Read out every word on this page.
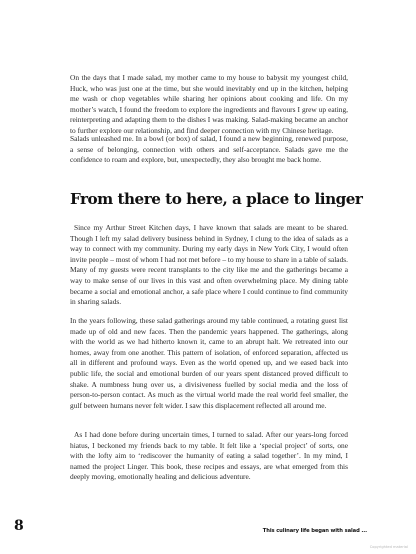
On the days that I made salad, my mother came to my house to babysit my youngest child, Huck, who was just one at the time, but she would inevitably end up in the kitchen, helping me wash or chop vegetables while sharing her opinions about cooking and life. On my mother’s watch, I found the freedom to explore the ingredients and flavours I grew up eating, reinterpreting and adapting them to the dishes I was making. Salad-making became an anchor to further explore our relationship, and find deeper connection with my Chinese heritage.

Salads unleashed me. In a bowl (or box) of salad, I found a new beginning, renewed purpose, a sense of belonging, connection with others and self-acceptance. Salads gave me the confidence to roam and explore, but, unexpectedly, they also brought me back home.

From there to here, a place to linger

Since my Arthur Street Kitchen days, I have known that salads are meant to be shared. Though I left my salad delivery business behind in Sydney, I clung to the idea of salads as a way to connect with my community. During my early days in New York City, I would often invite people – most of whom I had not met before – to my house to share in a table of salads. Many of my guests were recent transplants to the city like me and the gatherings became a way to make sense of our lives in this vast and often overwhelming place. My dining table became a social and emotional anchor, a safe place where I could continue to find community in sharing salads.

In the years following, these salad gatherings around my table continued, a rotating guest list made up of old and new faces. Then the pandemic years happened. The gatherings, along with the world as we had hitherto known it, came to an abrupt halt. We retreated into our homes, away from one another. This pattern of isolation, of enforced separation, affected us all in different and profound ways. Even as the world opened up, and we eased back into public life, the social and emotional burden of our years spent distanced proved difficult to shake. A numbness hung over us, a divisiveness fuelled by social media and the loss of person-to-person contact. As much as the virtual world made the real world feel smaller, the gulf between humans never felt wider. I saw this displacement reflected all around me.

As I had done before during uncertain times, I turned to salad. After our years-long forced hiatus, I beckoned my friends back to my table. It felt like a ‘special project’ of sorts, one with the lofty aim to ‘rediscover the humanity of eating a salad together’. In my mind, I named the project Linger. This book, these recipes and essays, are what emerged from this deeply moving, emotionally healing and delicious adventure.

8	This culinary life began with salad ...
Copyrighted material
